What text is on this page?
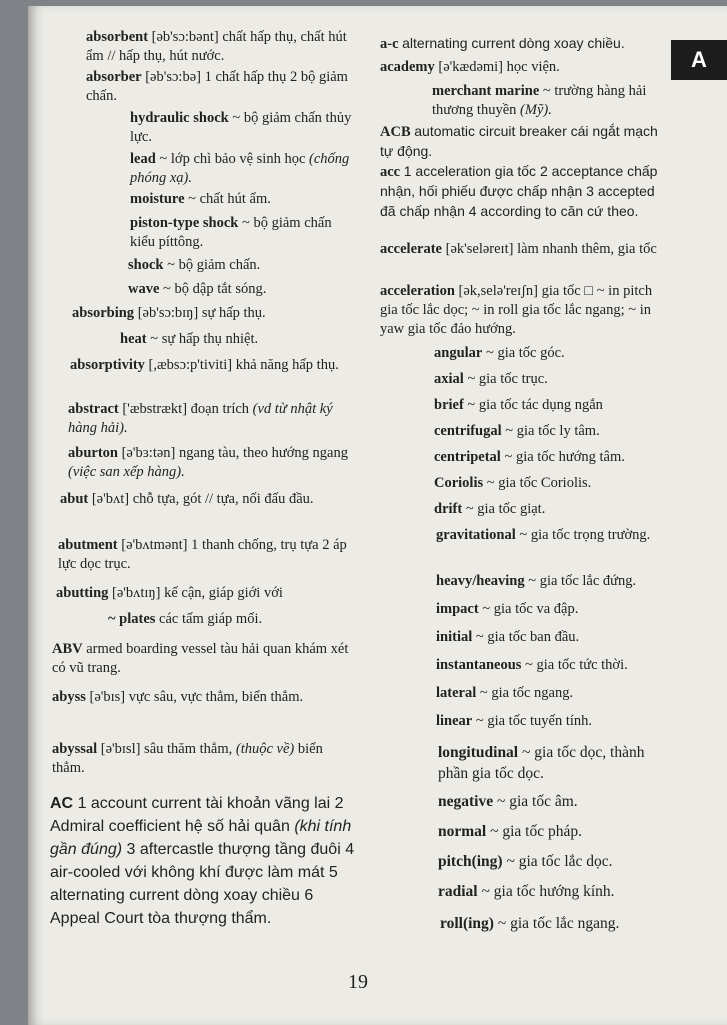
A
absorbent [əb'sɔ:bənt] chất hấp thụ, chất hút ẩm // hấp thụ, hút nước.
absorber [əb'sɔ:bə] 1 chất hấp thụ 2 bộ giảm chấn.
hydraulic shock ~ bộ giảm chấn thủy lực.
lead ~ lớp chì bảo vệ sinh học (chống phóng xạ).
moisture ~ chất hút ẩm.
piston-type shock ~ bộ giảm chấn kiểu píttông.
shock ~ bộ giảm chấn.
wave ~ bộ dập tắt sóng.
absorbing [əb'sɔ:bɪŋ] sự hấp thụ.
heat ~ sự hấp thụ nhiệt.
absorptivity [,æbsɔ:p'tiviti] khả năng hấp thụ.
abstract ['æbstrækt] đoạn trích (vd từ nhật ký hàng hải).
aburton [ə'bɜ:tən] ngang tàu, theo hướng ngang (việc san xếp hàng).
abut [ə'bʌt] chỗ tựa, gót // tựa, nối đấu đầu.
abutment [ə'bʌtmənt] 1 thanh chống, trụ tựa 2 áp lực dọc trục.
abutting [ə'bʌtɪŋ] kế cận, giáp giới với
~ plates các tấm giáp mối.
ABV armed boarding vessel tàu hải quan khám xét có vũ trang.
abyss [ə'bɪs] vực sâu, vực thẳm, biển thẳm.
abyssal [ə'bɪsl] sâu thăm thẳm, (thuộc về) biển thẳm.
AC 1 account current tài khoản vãng lai 2 Admiral coefficient hệ số hải quân (khi tính gần đúng) 3 aftercastle thượng tầng đuôi 4 air-cooled với không khí được làm mát 5 alternating current dòng xoay chiều 6 Appeal Court tòa thượng thẩm.
a-c alternating current dòng xoay chiều.
academy [ə'kædəmi] học viện.
merchant marine ~ trường hàng hải thương thuyền (Mỹ).
ACB automatic circuit breaker cái ngắt mạch tự động.
acc 1 acceleration gia tốc 2 acceptance chấp nhận, hối phiếu được chấp nhận 3 accepted đã chấp nhận 4 according to căn cứ theo.
accelerate [ək'seləreɪt] làm nhanh thêm, gia tốc
acceleration [ək,selə'reɪʃn] gia tốc □ ~ in pitch gia tốc lắc dọc; ~ in roll gia tốc lắc ngang; ~ in yaw gia tốc đảo hướng.
angular ~ gia tốc góc.
axial ~ gia tốc trục.
brief ~ gia tốc tác dụng ngắn
centrifugal ~ gia tốc ly tâm.
centripetal ~ gia tốc hướng tâm.
Coriolis ~ gia tốc Coriolis.
drift ~ gia tốc giạt.
gravitational ~ gia tốc trọng trường.
heavy/heaving ~ gia tốc lắc đứng.
impact ~ gia tốc va đập.
initial ~ gia tốc ban đầu.
instantaneous ~ gia tốc tức thời.
lateral ~ gia tốc ngang.
linear ~ gia tốc tuyến tính.
longitudinal ~ gia tốc dọc, thành phần gia tốc dọc.
negative ~ gia tốc âm.
normal ~ gia tốc pháp.
pitch(ing) ~ gia tốc lắc dọc.
radial ~ gia tốc hướng kính.
roll(ing) ~ gia tốc lắc ngang.
19
